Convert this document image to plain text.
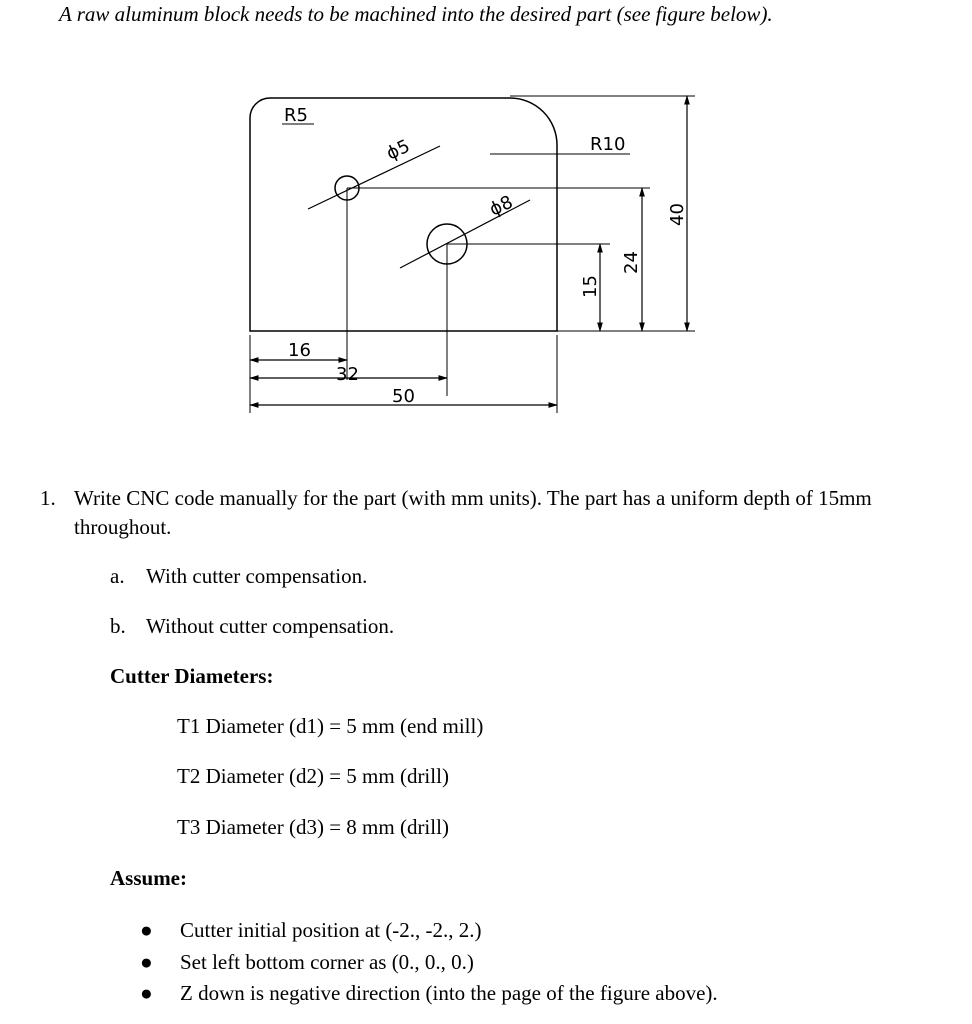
A raw aluminum block needs to be machined into the desired part (see figure below).
R5
R10
ϕ5
ϕ8
16
32
50
15
24
40
1. Write CNC code manually for the part (with mm units). The part has a uniform depth of 15mm throughout.
a. With cutter compensation.
b. Without cutter compensation.
Cutter Diameters:
T1 Diameter (d1) = 5 mm (end mill)
T2 Diameter (d2) = 5 mm (drill)
T3 Diameter (d3) = 8 mm (drill)
Assume:
● Cutter initial position at (-2., -2., 2.)
● Set left bottom corner as (0., 0., 0.)
● Z down is negative direction (into the page of the figure above).
